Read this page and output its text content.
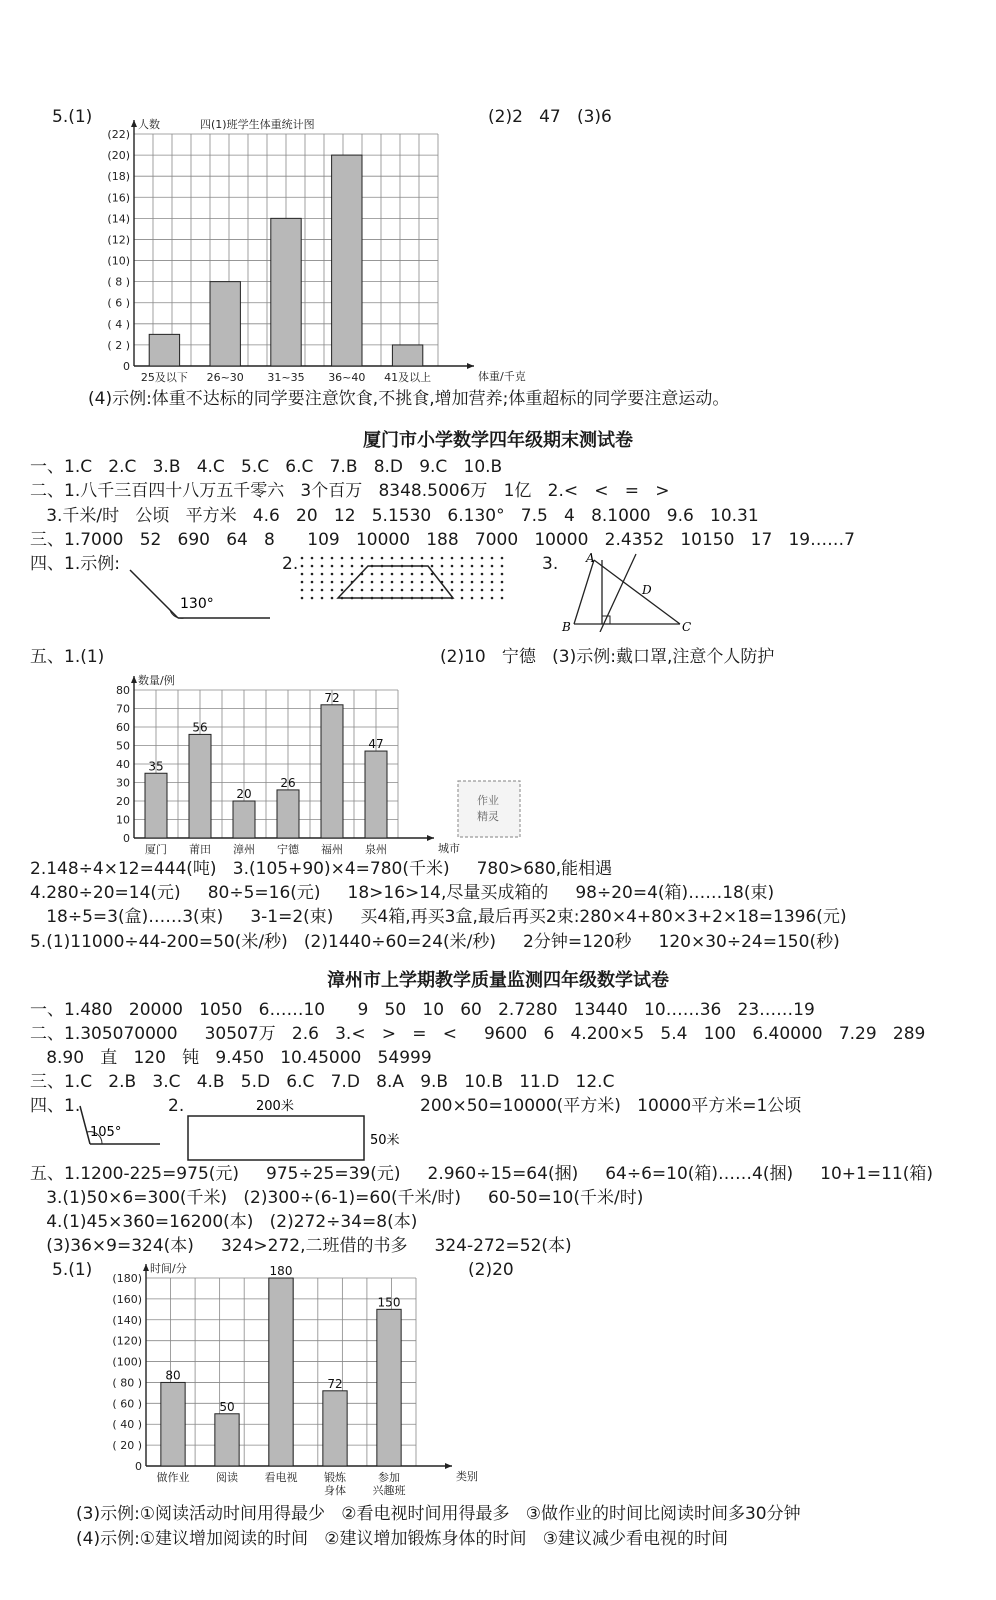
5.(1)	(2)2   47   (3)6
0
( 2 )
( 4 )
( 6 )
( 8 )
(10)
(12)
(14)
(16)
(18)
(20)
(22)
25及以下 26~30 31~35 36~40 41及以上
人数
体重/千克
四(1)班学生体重统计图
(4)示例:体重不达标的同学要注意饮食,不挑食,增加营养;体重超标的同学要注意运动。
厦门市小学数学四年级期末测试卷
一、1.C   2.C   3.B   4.C   5.C   6.C   7.B   8.D   9.C   10.B
二、1.八千三百四十八万五千零六   3个百万   8348.5006万   1亿   2.<   <   =   >
3.千米/时   公顷   平方米   4.6   20   12   5.1530   6.130°   7.5   4   8.1000   9.6   10.31
三、1.7000   52   690   64   8      109   10000   188   7000   10000   2.4352   10150   17   19……7
四、1.示例:	2.	3.
130°
A
B	C
D
五、1.(1)	(2)10   宁德   (3)示例:戴口罩,注意个人防护
0
10
20
30
40
50
60
70
80
35
厦门
56
莆田
20
漳州
26
宁德
72
福州
47
泉州
数量/例
城市
作业
精灵
2.148÷4×12=444(吨)   3.(105+90)×4=780(千米)     780>680,能相遇
4.280÷20=14(元)     80÷5=16(元)     18>16>14,尽量买成箱的     98÷20=4(箱)……18(束)
18÷5=3(盒)……3(束)     3-1=2(束)     买4箱,再买3盒,最后再买2束:280×4+80×3+2×18=1396(元)
5.(1)11000÷44-200=50(米/秒)   (2)1440÷60=24(米/秒)     2分钟=120秒     120×30÷24=150(秒)
漳州市上学期教学质量监测四年级数学试卷
一、1.480   20000   1050   6……10      9   50   10   60   2.7280   13440   10……36   23……19
二、1.305070000     30507万   2.6   3.<   >   =   <     9600   6   4.200×5   5.4   100   6.40000   7.29   289
8.90   直   120   钝   9.450   10.45000   54999
三、1.C   2.B   3.C   4.B   5.D   6.C   7.D   8.A   9.B   10.B   11.D   12.C
四、1.	2.	200×50=10000(平方米)   10000平方米=1公顷
105°
200米
50米
五、1.1200-225=975(元)     975÷25=39(元)     2.960÷15=64(捆)     64÷6=10(箱)……4(捆)     10+1=11(箱)
3.(1)50×6=300(千米)   (2)300÷(6-1)=60(千米/时)     60-50=10(千米/时)
4.(1)45×360=16200(本)   (2)272÷34=8(本)
(3)36×9=324(本)     324>272,二班借的书多     324-272=52(本)
5.(1)	(2)20
0
( 20 )
( 40 )
( 60 )
( 80 )
(100)
(120)
(140)
(160)
(180)
80
做作业
50
阅读
180
看电视
72
锻炼
身体
150
参加
兴趣班
时间/分
类别
(3)示例:①阅读活动时间用得最少   ②看电视时间用得最多   ③做作业的时间比阅读时间多30分钟
(4)示例:①建议增加阅读的时间   ②建议增加锻炼身体的时间   ③建议减少看电视的时间
